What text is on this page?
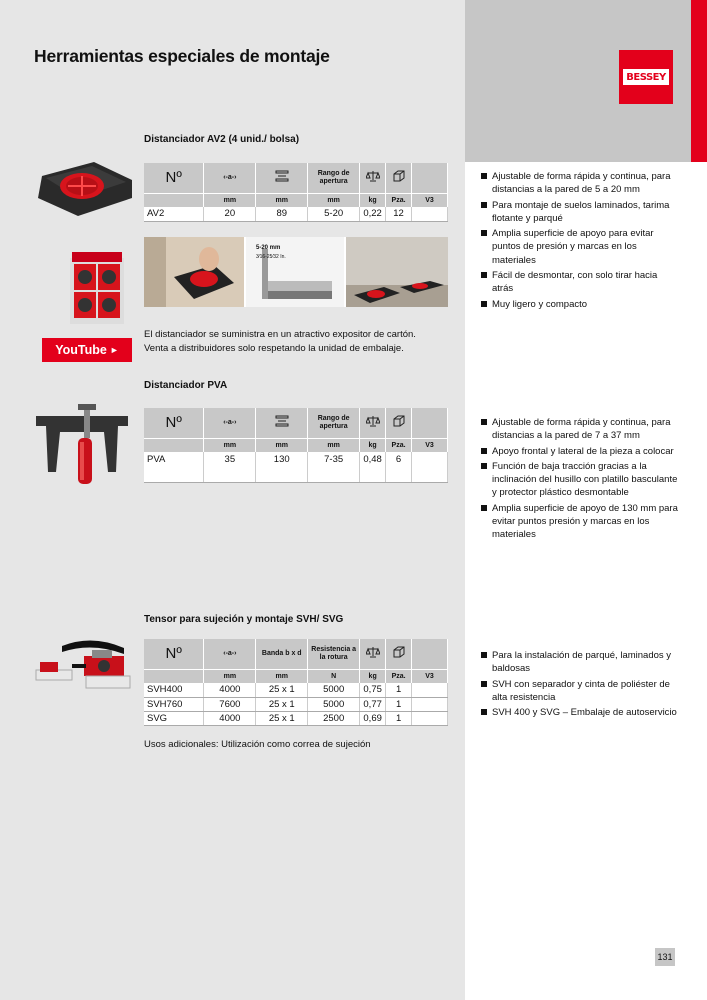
Herramientas especiales de montaje
BESSEY
Distanciador AV2 (4 unid./ bolsa)
Nº	‹-a-›		Rango de apertura			
	mm	mm	mm	kg	Pza.	V3
AV2	20	89	5-20	0,22	12	
5-20 mm
3⁄16-25⁄32 In.
El distanciador se suministra en un atractivo expositor de cartón.
Venta a distribuidores solo respetando la unidad de embalaje.
YouTube ►
Ajustable de forma rápida y continua, para distancias a la pared de 5 a 20 mm
Para montaje de suelos laminados, tarima flotante y parqué
Amplia superficie de apoyo para evitar puntos de presión y marcas en los materiales
Fácil de desmontar, con solo tirar hacia atrás
Muy ligero y compacto
Distanciador PVA
Nº	‹-a-›		Rango de apertura			
	mm	mm	mm	kg	Pza.	V3
PVA	35	130	7-35	0,48	6	
Ajustable de forma rápida y continua, para distancias a la pared de 7 a 37 mm
Apoyo frontal y lateral de la pieza a colocar
Función de baja tracción gracias a la inclinación del husillo con platillo basculante y protector plástico desmontable
Amplia superficie de apoyo de 130 mm para evitar puntos presión y marcas en los materiales
Tensor para sujeción y montaje SVH/ SVG
Nº	‹-a-›	Banda b x d	Resistencia a la rotura			
	mm	mm	N	kg	Pza.	V3
SVH400	4000	25 x 1	5000	0,75	1	
SVH760	7600	25 x 1	5000	0,77	1	
SVG	4000	25 x 1	2500	0,69	1	
Usos adicionales: Utilización como correa de sujeción
Para la instalación de parqué, laminados y baldosas
SVH con separador y cinta de poliéster de alta resistencia
SVH 400 y SVG – Embalaje de autoservicio
131
